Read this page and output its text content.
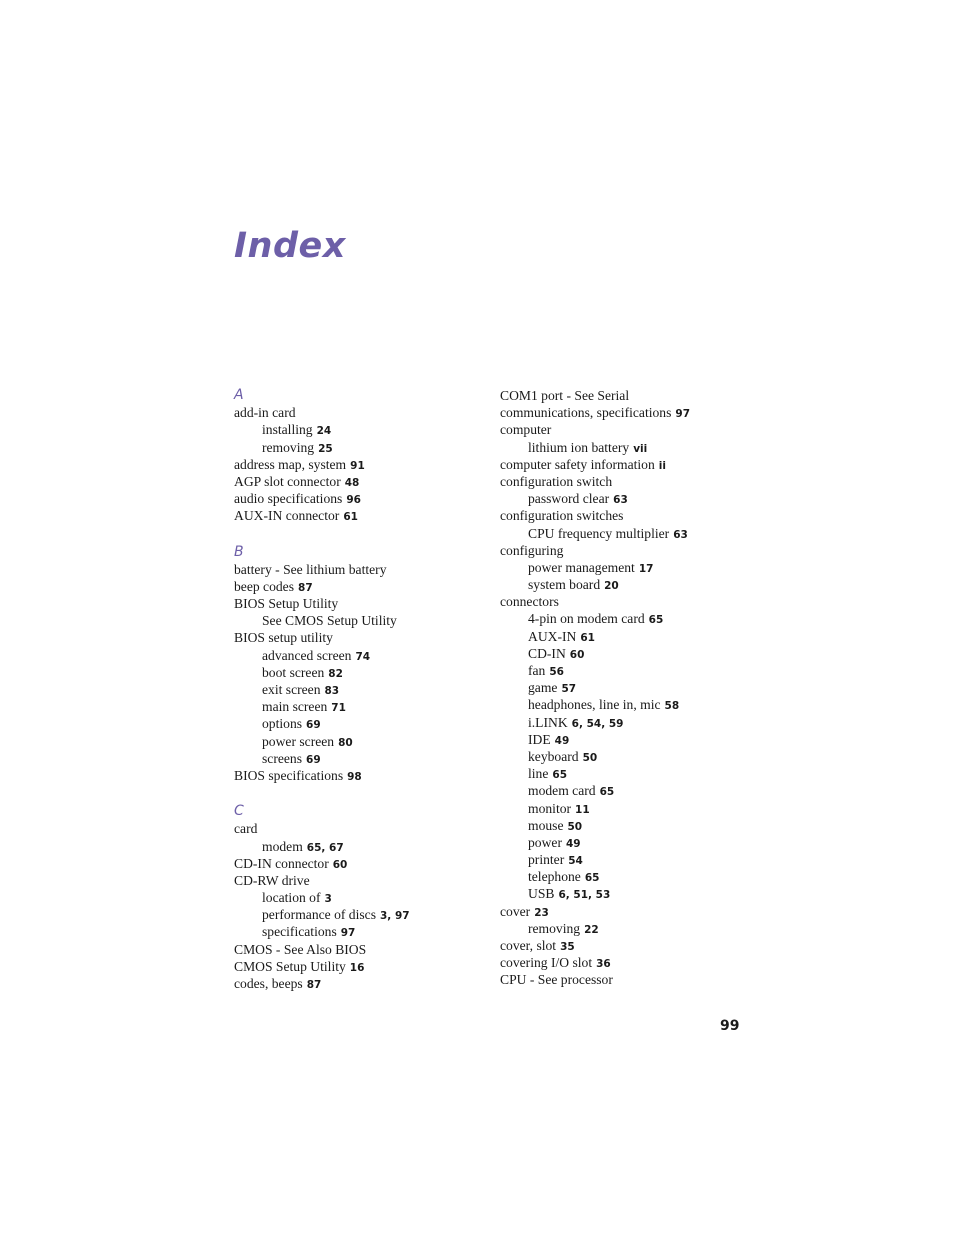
Index
A
add-in card
installing 24
removing 25
address map, system 91
AGP slot connector 48
audio specifications 96
AUX-IN connector 61
B
battery - See lithium battery
beep codes 87
BIOS Setup Utility
See CMOS Setup Utility
BIOS setup utility
advanced screen 74
boot screen 82
exit screen 83
main screen 71
options 69
power screen 80
screens 69
BIOS specifications 98
C
card
modem 65, 67
CD-IN connector 60
CD-RW drive
location of 3
performance of discs 3, 97
specifications 97
CMOS - See Also BIOS
CMOS Setup Utility 16
codes, beeps 87
COM1 port - See Serial
communications, specifications 97
computer
lithium ion battery vii
computer safety information ii
configuration switch
password clear 63
configuration switches
CPU frequency multiplier 63
configuring
power management 17
system board 20
connectors
4-pin on modem card 65
AUX-IN 61
CD-IN 60
fan 56
game 57
headphones, line in, mic 58
i.LINK 6, 54, 59
IDE 49
keyboard 50
line 65
modem card 65
monitor 11
mouse 50
power 49
printer 54
telephone 65
USB 6, 51, 53
cover 23
removing 22
cover, slot 35
covering I/O slot 36
CPU - See processor
99
